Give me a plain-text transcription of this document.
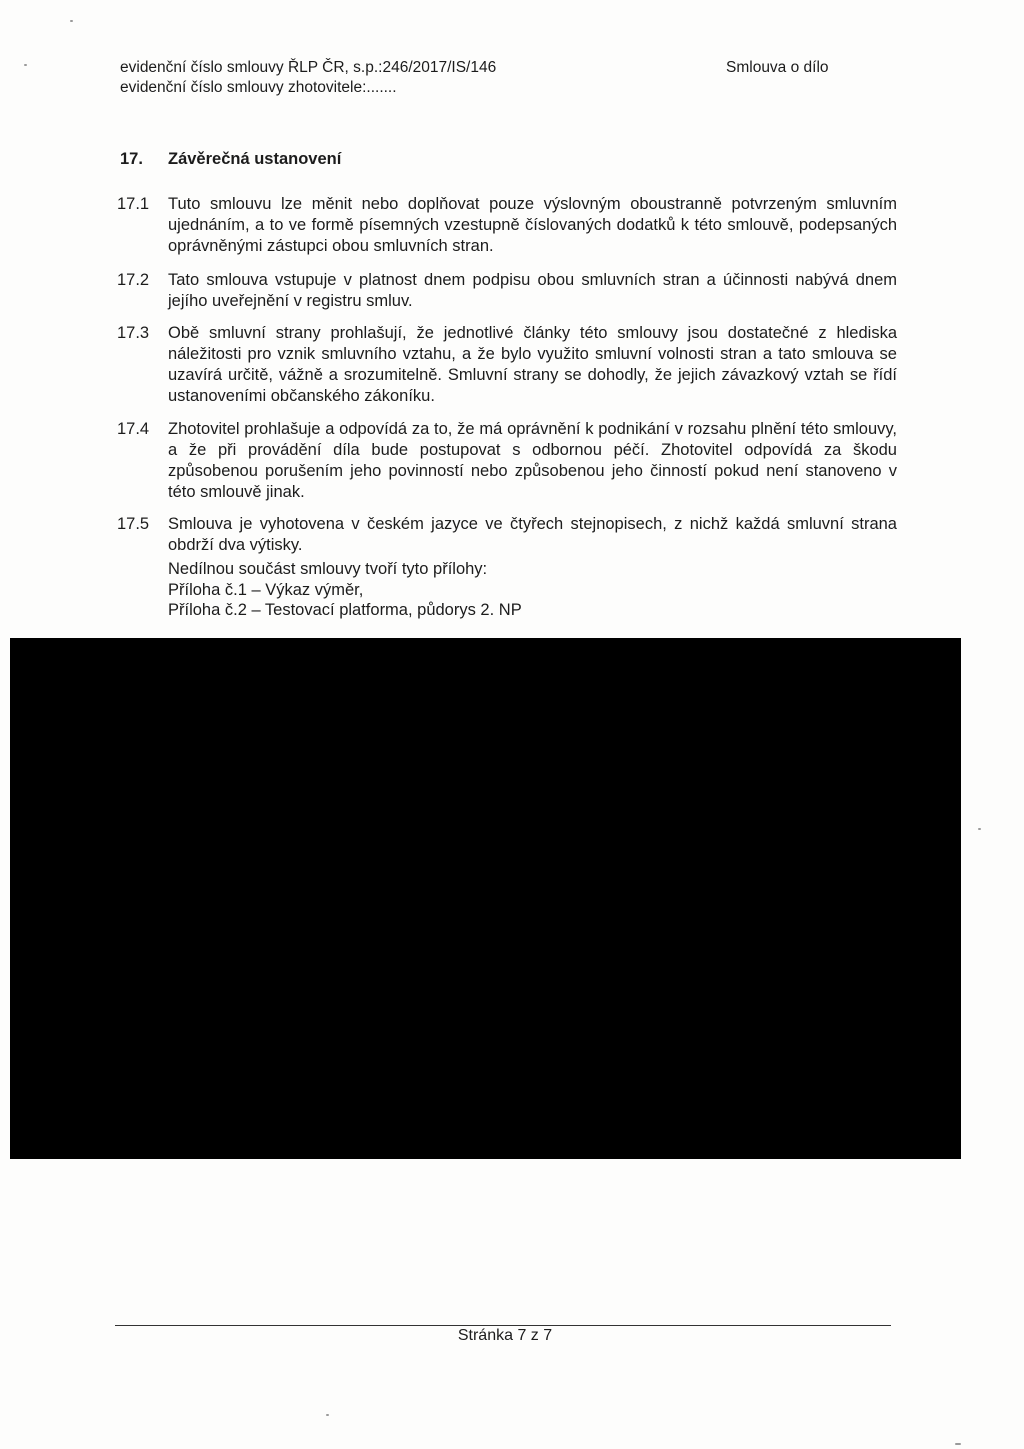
evidenční číslo smlouvy ŘLP ČR, s.p.:246/2017/IS/146
evidenční číslo smlouvy zhotovitele:.......
Smlouva o dílo
17. Závěrečná ustanovení
17.1	Tuto smlouvu lze měnit nebo doplňovat pouze výslovným oboustranně potvrzeným smluvním ujednáním, a to ve formě písemných vzestupně číslovaných dodatků k této smlouvě, podepsaných oprávněnými zástupci obou smluvních stran.
17.2	Tato smlouva vstupuje v platnost dnem podpisu obou smluvních stran a účinnosti nabývá dnem jejího uveřejnění v registru smluv.
17.3	Obě smluvní strany prohlašují, že jednotlivé články této smlouvy jsou dostatečné z hlediska náležitosti pro vznik smluvního vztahu, a že bylo využito smluvní volnosti stran a tato smlouva se uzavírá určitě, vážně a srozumitelně. Smluvní strany se dohodly, že jejich závazkový vztah se řídí ustanoveními občanského zákoníku.
17.4	Zhotovitel prohlašuje a odpovídá za to, že má oprávnění k podnikání v rozsahu plnění této smlouvy, a že při provádění díla bude postupovat s odbornou péčí. Zhotovitel odpovídá za škodu způsobenou porušením jeho povinností nebo způsobenou jeho činností pokud není stanoveno v této smlouvě jinak.
17.5	Smlouva je vyhotovena v českém jazyce ve čtyřech stejnopisech, z nichž každá smluvní strana obdrží dva výtisky.
Nedílnou součást smlouvy tvoří tyto přílohy:
Příloha č.1 – Výkaz výměr,
Příloha č.2 – Testovací platforma, půdorys 2. NP
Stránka 7 z 7
